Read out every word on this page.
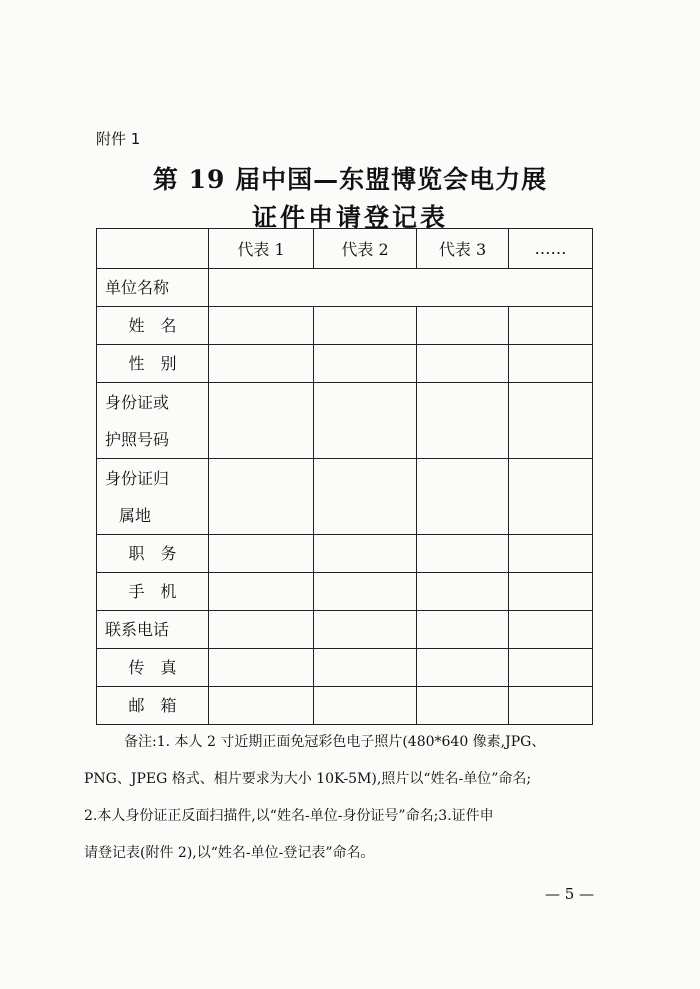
附件 1
第 19 届中国—东盟博览会电力展
证件申请登记表
	代表 1	代表 2	代表 3	……
单位名称				
姓　名				
性　别				

身份证或
护照号码				

身份证归
属地				

职　务				
手　机				
联系电话				
传　真				
邮　箱				

备注:1. 本人 2 寸近期正面免冠彩色电子照片(480*640 像素,JPG、

PNG、JPEG 格式、相片要求为大小 10K-5M),照片以“姓名-单位”命名;

2.本人身份证正反面扫描件,以“姓名-单位-身份证号”命名;3.证件申

请登记表(附件 2),以“姓名-单位-登记表”命名。

— 5 —
